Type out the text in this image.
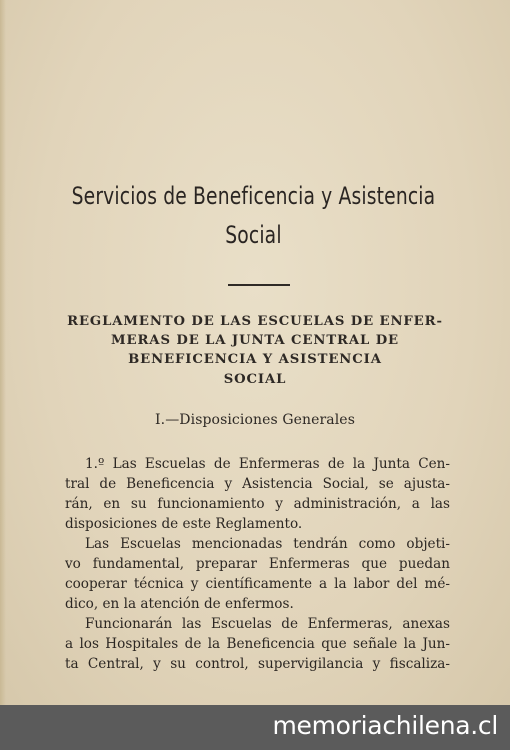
Servicios de Beneficencia y Asistencia
Social
REGLAMENTO DE LAS ESCUELAS DE ENFER-
MERAS DE LA JUNTA CENTRAL DE
BENEFICENCIA Y ASISTENCIA
SOCIAL
I.—Disposiciones Generales
1.º Las Escuelas de Enfermeras de la Junta Cen-
tral de Beneficencia y Asistencia Social, se ajusta-
rán, en su funcionamiento y administración, a las
disposiciones de este Reglamento.
Las Escuelas mencionadas tendrán como objeti-
vo fundamental, preparar Enfermeras que puedan
cooperar técnica y científicamente a la labor del mé-
dico, en la atención de enfermos.
Funcionarán las Escuelas de Enfermeras, anexas
a los Hospitales de la Beneficencia que señale la Jun-
ta Central, y su control, supervigilancia y fiscaliza-
memoriachilena.cl
